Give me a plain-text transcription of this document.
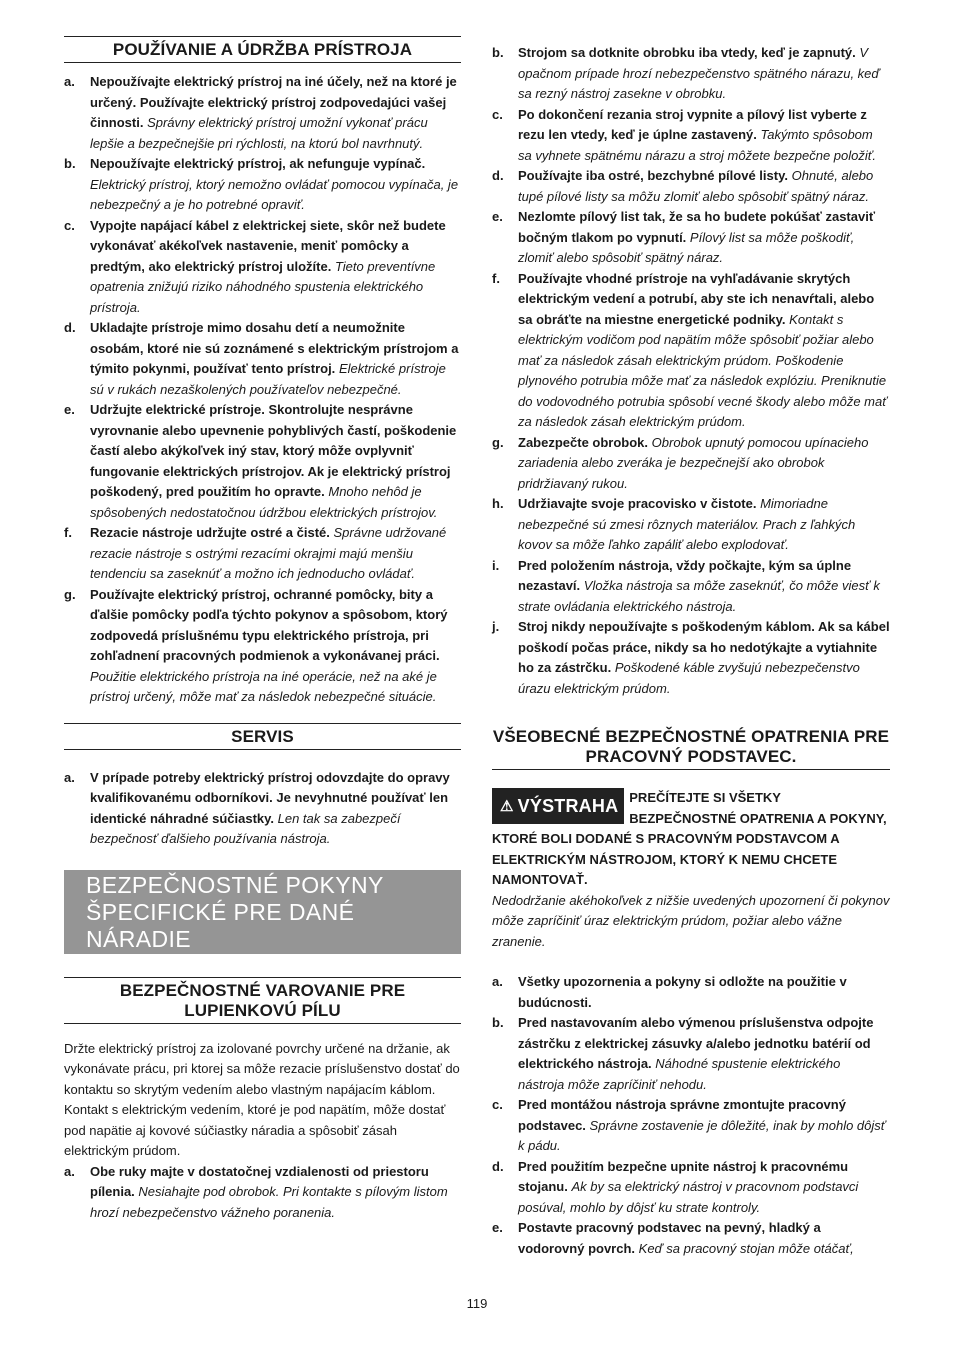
POUŽÍVANIE A ÚDRŽBA PRÍSTROJA
a.	Nepoužívajte elektrický prístroj na iné účely, než na ktoré je určený. Používajte elektrický prístroj zodpovedajúci vašej činnosti. Správny elektrický prístroj umožní vykonať prácu lepšie a bezpečnejšie pri rýchlosti, na ktorú bol navrhnutý.
b.	Nepoužívajte elektrický prístroj, ak nefunguje vypínač. Elektrický prístroj, ktorý nemožno ovládať pomocou vypínača, je nebezpečný a je ho potrebné opraviť.
c.	Vypojte napájací kábel z elektrickej siete, skôr než budete vykonávať akékoľvek nastavenie, meniť pomôcky a predtým, ako elektrický prístroj uložíte. Tieto preventívne opatrenia znižujú riziko náhodného spustenia elektrického prístroja.
d.	Ukladajte prístroje mimo dosahu detí a neumožnite osobám, ktoré nie sú zoznámené s elektrickým prístrojom a týmito pokynmi, používať tento prístroj. Elektrické prístroje sú v rukách nezaškolených používateľov nebezpečné.
e.	Udržujte elektrické prístroje. Skontrolujte nesprávne vyrovnanie alebo upevnenie pohyblivých častí, poškodenie častí alebo akýkoľvek iný stav, ktorý môže ovplyvniť fungovanie elektrických prístrojov. Ak je elektrický prístroj poškodený, pred použitím ho opravte. Mnoho nehôd je spôsobených nedostatočnou údržbou elektrických prístrojov.
f.	Rezacie nástroje udržujte ostré a čisté. Správne udržované rezacie nástroje s ostrými rezacími okrajmi majú menšiu tendenciu sa zaseknúť a možno ich jednoducho ovládať.
g.	Používajte elektrický prístroj, ochranné pomôcky, bity a ďalšie pomôcky podľa týchto pokynov a spôsobom, ktorý zodpovedá príslušnému typu elektrického prístroja, pri zohľadnení pracovných podmienok a vykonávanej práci. Použitie elektrického prístroja na iné operácie, než na aké je prístroj určený, môže mať za následok nebezpečné situácie.
SERVIS
a.	V prípade potreby elektrický prístroj odovzdajte do opravy kvalifikovanému odborníkovi. Je nevyhnutné používať len identické náhradné súčiastky. Len tak sa zabezpečí bezpečnosť ďalšieho používania nástroja.
BEZPEČNOSTNÉ POKYNY
ŠPECIFICKÉ PRE DANÉ NÁRADIE
BEZPEČNOSTNÉ VAROVANIE PRE
LUPIENKOVÚ PÍLU
Držte elektrický prístroj za izolované povrchy určené na držanie, ak vykonávate prácu, pri ktorej sa môže rezacie príslušenstvo dostať do kontaktu so skrytým vedením alebo vlastným napájacím káblom. Kontakt s elektrickým vedením, ktoré je pod napätím, môže dostať pod napätie aj kovové súčiastky náradia a spôsobiť zásah elektrickým prúdom.
a.	Obe ruky majte v dostatočnej vzdialenosti od priestoru pílenia. Nesiahajte pod obrobok. Pri kontakte s pílovým listom hrozí nebezpečenstvo vážneho poranenia.
b.	Strojom sa dotknite obrobku iba vtedy, keď je zapnutý. V opačnom prípade hrozí nebezpečenstvo spätného nárazu, keď sa rezný nástroj zasekne v obrobku.
c.	Po dokončení rezania stroj vypnite a pílový list vyberte z rezu len vtedy, keď je úplne zastavený. Takýmto spôsobom sa vyhnete spätnému nárazu a stroj môžete bezpečne položiť.
d.	Používajte iba ostré, bezchybné pílové listy. Ohnuté, alebo tupé pílové listy sa môžu zlomiť alebo spôsobiť spätný náraz.
e.	Nezlomte pílový list tak, že sa ho budete pokúšať zastaviť bočným tlakom po vypnutí. Pílový list sa môže poškodiť, zlomiť alebo spôsobiť spätný náraz.
f.	Používajte vhodné prístroje na vyhľadávanie skrytých elektrickým vedení a potrubí, aby ste ich nenavŕtali, alebo sa obráťte na miestne energetické podniky. Kontakt s elektrickým vodičom pod napätím môže spôsobiť požiar alebo mať za následok zásah elektrickým prúdom. Poškodenie plynového potrubia môže mať za následok explóziu. Preniknutie do vodovodného potrubia spôsobí vecné škody alebo môže mať za následok zásah elektrickým prúdom.
g.	Zabezpečte obrobok. Obrobok upnutý pomocou upínacieho zariadenia alebo zveráka je bezpečnejší ako obrobok pridržiavaný rukou.
h.	Udržiavajte svoje pracovisko v čistote. Mimoriadne nebezpečné sú zmesi rôznych materiálov. Prach z ľahkých kovov sa môže ľahko zapáliť alebo explodovať.
i.	Pred položením nástroja, vždy počkajte, kým sa úplne nezastaví. Vložka nástroja sa môže zaseknúť, čo môže viesť k strate ovládania elektrického nástroja.
j.	Stroj nikdy nepoužívajte s poškodeným káblom. Ak sa kábel poškodí počas práce, nikdy sa ho nedotýkajte a vytiahnite ho za zástrčku. Poškodené káble zvyšujú nebezpečenstvo úrazu elektrickým prúdom.
VŠEOBECNÉ BEZPEČNOSTNÉ OPATRENIA PRE
PRACOVNÝ PODSTAVEC.
⚠ VÝSTRAHA PREČÍTEJTE SI VŠETKY BEZPEČNOSTNÉ OPATRENIA A POKYNY, KTORÉ BOLI DODANÉ S PRACOVNÝM PODSTAVCOM A ELEKTRICKÝM NÁSTROJOM, KTORÝ K NEMU CHCETE NAMONTOVAŤ.
Nedodržanie akéhokoľvek z nižšie uvedených upozornení či pokynov môže zapríčiniť úraz elektrickým prúdom, požiar alebo vážne zranenie.
a.	Všetky upozornenia a pokyny si odložte na použitie v budúcnosti.
b.	Pred nastavovaním alebo výmenou príslušenstva odpojte zástrčku z elektrickej zásuvky a/alebo jednotku batérií od elektrického nástroja. Náhodné spustenie elektrického nástroja môže zapríčiniť nehodu.
c.	Pred montážou nástroja správne zmontujte pracovný podstavec. Správne zostavenie je dôležité, inak by mohlo dôjsť k pádu.
d.	Pred použitím bezpečne upnite nástroj k pracovnému stojanu. Ak by sa elektrický nástroj v pracovnom podstavci posúval, mohlo by dôjsť ku strate kontroly.
e.	Postavte pracovný podstavec na pevný, hladký a vodorovný povrch. Keď sa pracovný stojan môže otáčať,
119
